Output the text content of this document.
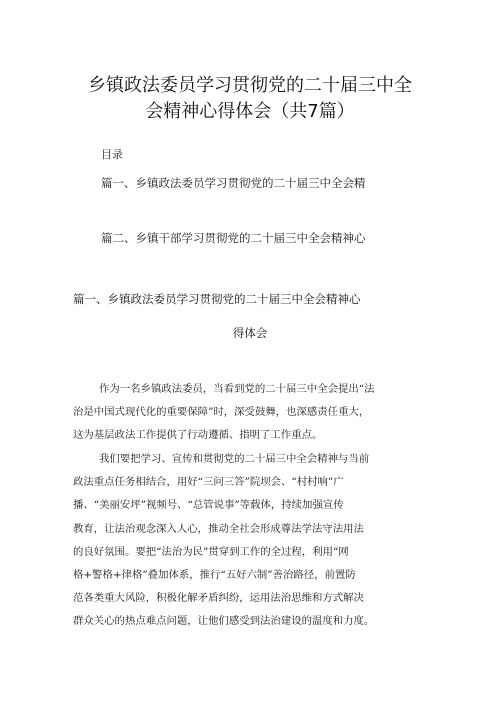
乡镇政法委员学习贯彻党的二十届三中全
会精神心得体会（共7篇）
目录
篇一、乡镇政法委员学习贯彻党的二十届三中全会精
篇二、乡镇干部学习贯彻党的二十届三中全会精神心
篇一、乡镇政法委员学习贯彻党的二十届三中全会精神心
得体会
作为一名乡镇政法委员，当看到党的二十届三中全会提出“法
治是中国式现代化的重要保障”时，深受鼓舞，也深感责任重大，
这为基层政法工作提供了行动遵循、指明了工作重点。
我们要把学习、宣传和贯彻党的二十届三中全会精神与当前
政法重点任务相结合，用好“三问三答”院坝会、“村村响”广
播、“美丽安坪”视频号、“总管说事”等载体，持续加强宣传
教育，让法治观念深入人心，推动全社会形成尊法学法守法用法
的良好氛围。要把“法治为民”贯穿到工作的全过程，利用“网
格+警格+律格”叠加体系，推行“五好六制”善治路径，前置防
范各类重大风险，积极化解矛盾纠纷，运用法治思维和方式解决
群众关心的热点难点问题，让他们感受到法治建设的温度和力度。
